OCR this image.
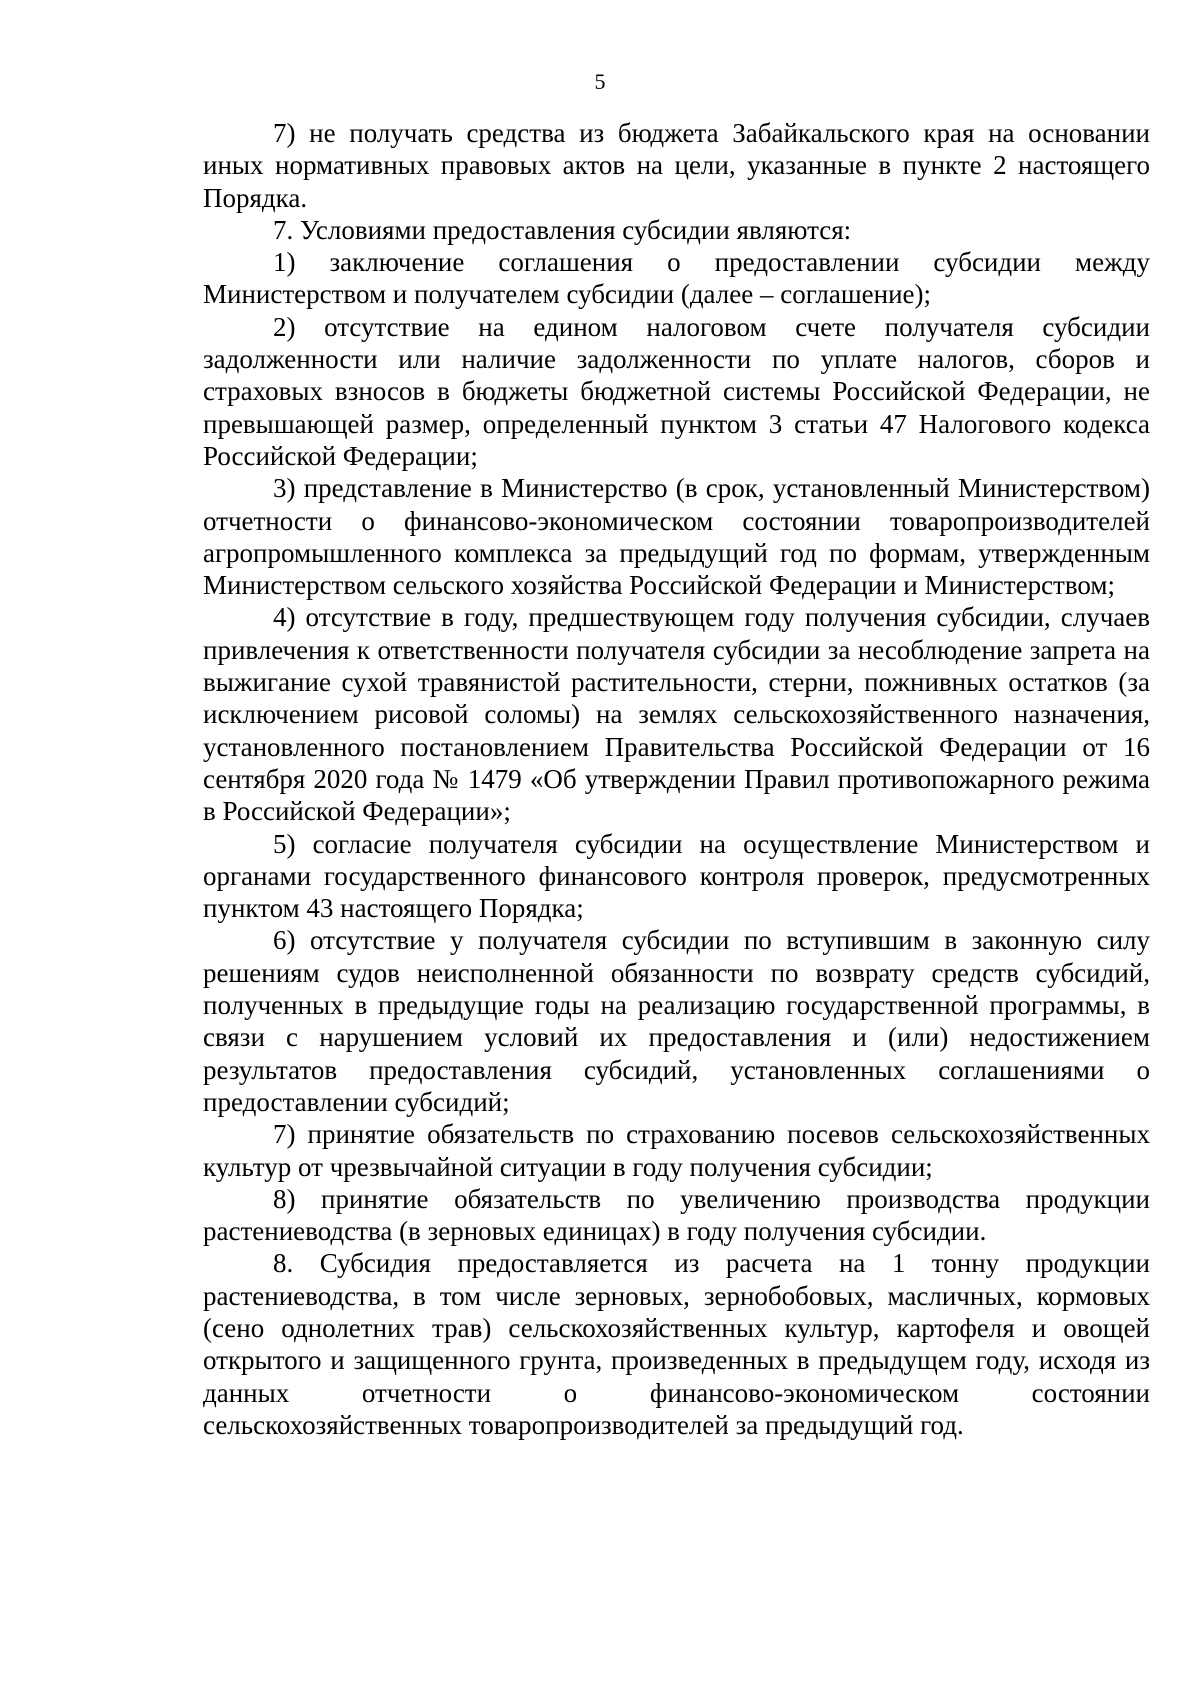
5

7) не получать средства из бюджета Забайкальского края на основании иных нормативных правовых актов на цели, указанные в пункте 2 настоящего Порядка.

7. Условиями предоставления субсидии являются:

1) заключение соглашения о предоставлении субсидии между Министерством и получателем субсидии (далее – соглашение);

2) отсутствие на едином налоговом счете получателя субсидии задолженности или наличие задолженности по уплате налогов, сборов и страховых взносов в бюджеты бюджетной системы Российской Федерации, не превышающей размер, определенный пунктом 3 статьи 47 Налогового кодекса Российской Федерации;

3) представление в Министерство (в срок, установленный Министерством) отчетности о финансово-экономическом состоянии товаропроизводителей агропромышленного комплекса за предыдущий год по формам, утвержденным Министерством сельского хозяйства Российской Федерации и Министерством;

4) отсутствие в году, предшествующем году получения субсидии, случаев привлечения к ответственности получателя субсидии за несоблюдение запрета на выжигание сухой травянистой растительности, стерни, пожнивных остатков (за исключением рисовой соломы) на землях сельскохозяйственного назначения, установленного постановлением Правительства Российской Федерации от 16 сентября 2020 года № 1479 «Об утверждении Правил противопожарного режима в Российской Федерации»;

5) согласие получателя субсидии на осуществление Министерством и органами государственного финансового контроля проверок, предусмотренных пунктом 43 настоящего Порядка;

6) отсутствие у получателя субсидии по вступившим в законную силу решениям судов неисполненной обязанности по возврату средств субсидий, полученных в предыдущие годы на реализацию государственной программы, в связи с нарушением условий их предоставления и (или) недостижением результатов предоставления субсидий, установленных соглашениями о предоставлении субсидий;

7) принятие обязательств по страхованию посевов сельскохозяйственных культур от чрезвычайной ситуации в году получения субсидии;

8) принятие обязательств по увеличению производства продукции растениеводства (в зерновых единицах) в году получения субсидии.

8. Субсидия предоставляется из расчета на 1 тонну продукции растениеводства, в том числе зерновых, зернобобовых, масличных, кормовых (сено однолетних трав) сельскохозяйственных культур, картофеля и овощей открытого и защищенного грунта, произведенных в предыдущем году, исходя из данных отчетности о финансово-экономическом состоянии сельскохозяйственных товаропроизводителей за предыдущий год.
